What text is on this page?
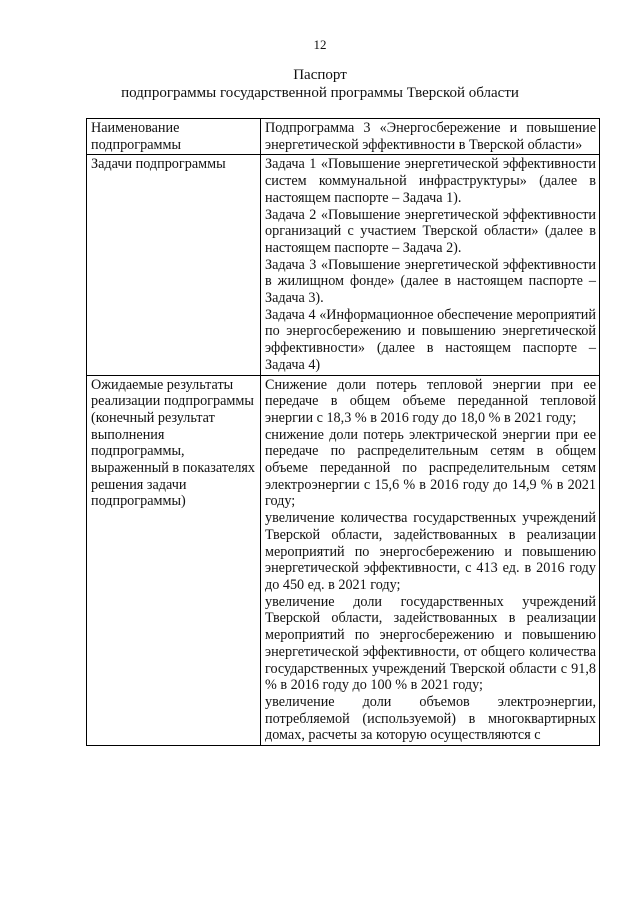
12
Паспорт
подпрограммы государственной программы Тверской области
Наименование подпрограммы	Подпрограмма 3 «Энергосбережение и повышение энергетической эффективности в Тверской области»

Задачи подпрограммы	Задача 1 «Повышение энергетической эффективности систем коммунальной инфраструктуры» (далее в настоящем паспорте – Задача 1).

Задача 2 «Повышение энергетической эффективности организаций с участием Тверской области» (далее в настоящем паспорте – Задача 2).

Задача 3 «Повышение энергетической эффективности в жилищном фонде» (далее в настоящем паспорте – Задача 3).

Задача 4 «Информационное обеспечение мероприятий по энергосбережению и повышению энергетической эффективности» (далее в настоящем паспорте – Задача 4)

Ожидаемые результаты реализации подпрограммы (конечный результат выполнения подпрограммы, выраженный в показателях решения задачи подпрограммы)	Снижение доли потерь тепловой энергии при ее передаче в общем объеме переданной тепловой энергии с 18,3 % в 2016 году до 18,0 % в 2021 году;

снижение доли потерь электрической энергии при ее передаче по распределительным сетям в общем объеме переданной по распределительным сетям электроэнергии с 15,6 % в 2016 году до 14,9 % в 2021 году;

увеличение количества государственных учреждений Тверской области, задействованных в реализации мероприятий по энергосбережению и повышению энергетической эффективности, с 413 ед. в 2016 году до 450 ед. в 2021 году;

увеличение доли государственных учреждений Тверской области, задействованных в реализации мероприятий по энергосбережению и повышению энергетической эффективности, от общего количества государственных учреждений Тверской области с 91,8 % в 2016 году до 100 % в 2021 году;

увеличение доли объемов электроэнергии, потребляемой (используемой) в многоквартирных домах, расчеты за которую осуществляются с
